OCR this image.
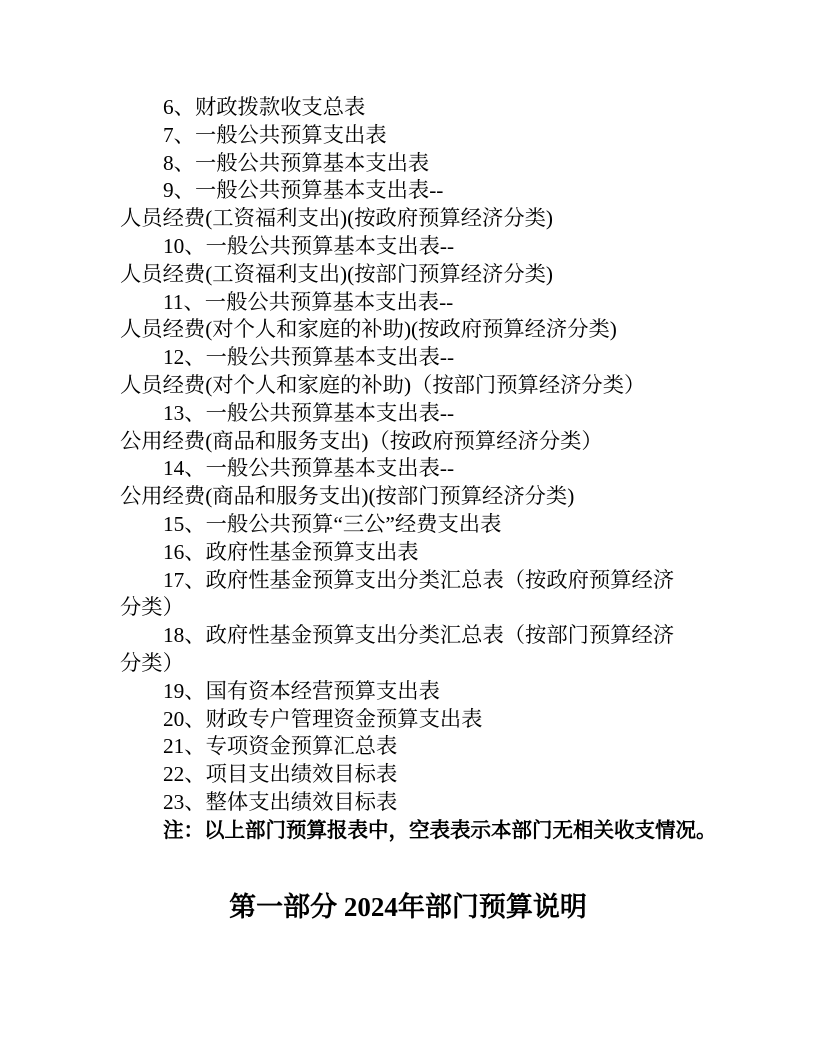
6、财政拨款收支总表
7、一般公共预算支出表
8、一般公共预算基本支出表
9、一般公共预算基本支出表--
人员经费(工资福利支出)(按政府预算经济分类)
10、一般公共预算基本支出表--
人员经费(工资福利支出)(按部门预算经济分类)
11、一般公共预算基本支出表--
人员经费(对个人和家庭的补助)(按政府预算经济分类)
12、一般公共预算基本支出表--
人员经费(对个人和家庭的补助)（按部门预算经济分类）
13、一般公共预算基本支出表--
公用经费(商品和服务支出)（按政府预算经济分类）
14、一般公共预算基本支出表--
公用经费(商品和服务支出)(按部门预算经济分类)
15、一般公共预算“三公”经费支出表
16、政府性基金预算支出表
17、政府性基金预算支出分类汇总表（按政府预算经济
分类）
18、政府性基金预算支出分类汇总表（按部门预算经济
分类）
19、国有资本经营预算支出表
20、财政专户管理资金预算支出表
21、专项资金预算汇总表
22、项目支出绩效目标表
23、整体支出绩效目标表
注：以上部门预算报表中，空表表示本部门无相关收支情况。
第一部分 2024年部门预算说明
